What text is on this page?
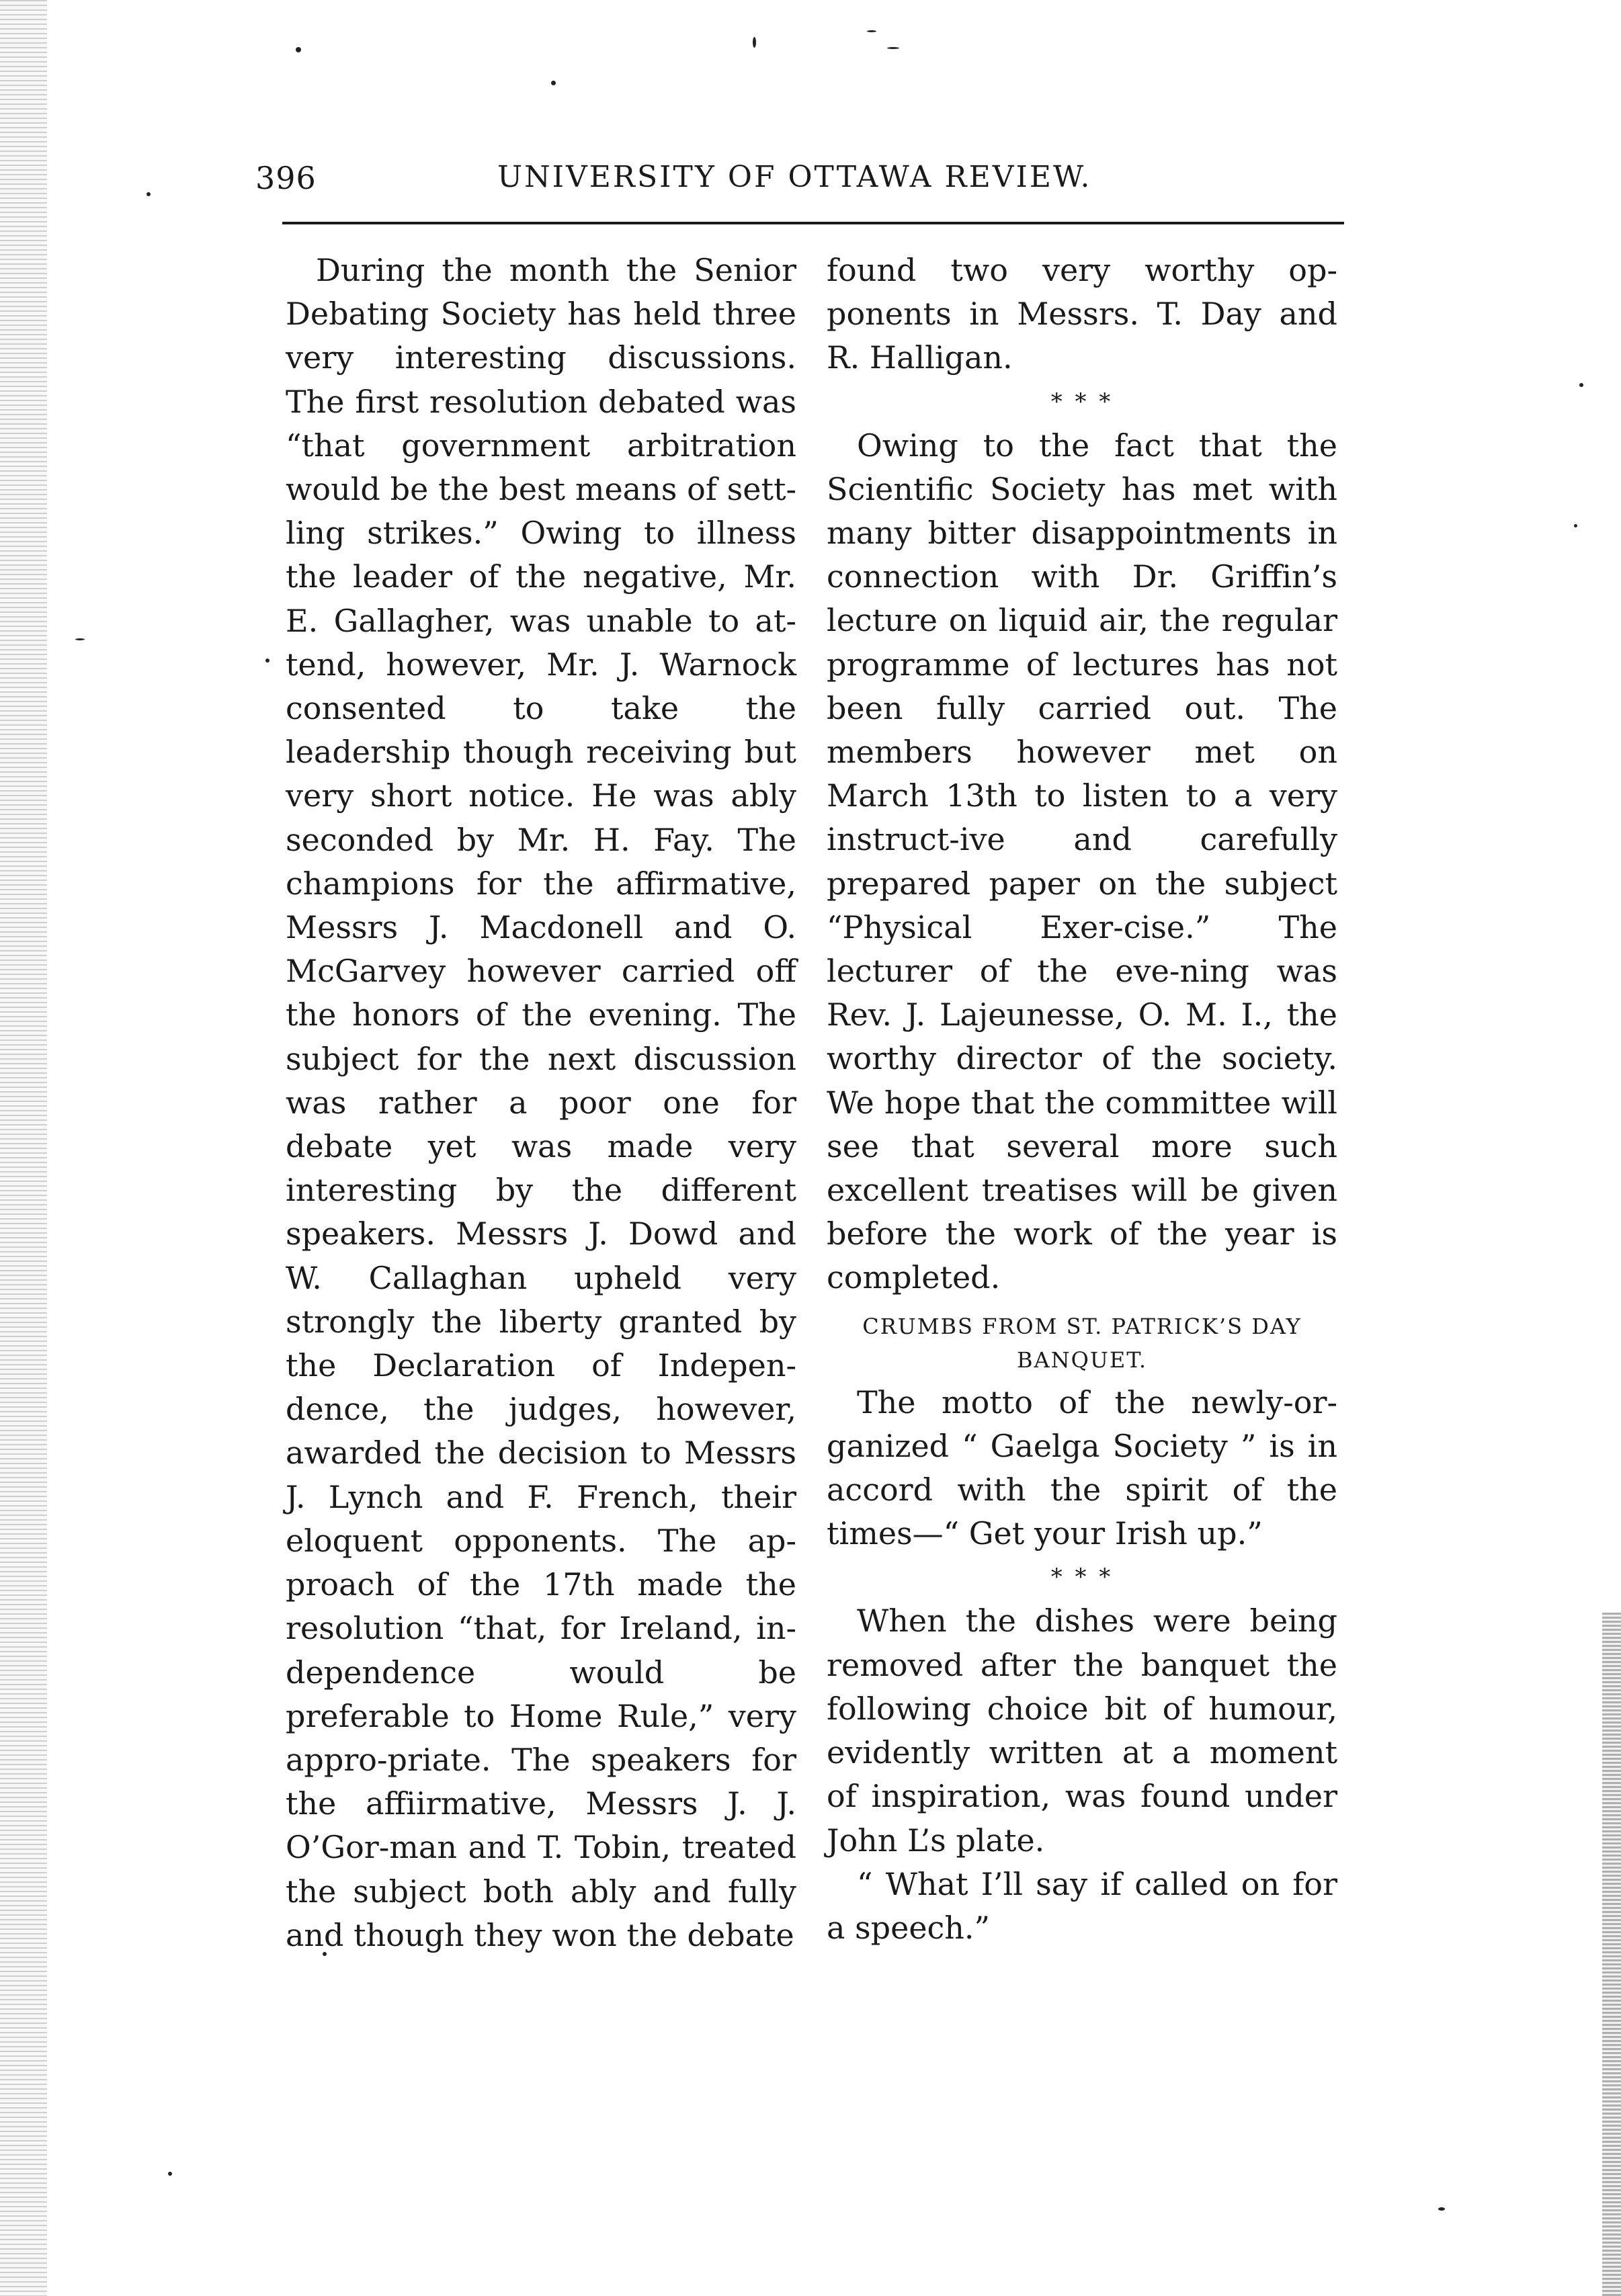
396	UNIVERSITY OF OTTAWA REVIEW.

During the month the Senior Debating Society has held three very interesting discussions. The first resolution debated was “that government arbitration would be the best means of sett-ling strikes.” Owing to illness the leader of the negative, Mr. E. Gallagher, was unable to at-tend, however, Mr. J. Warnock consented to take the leadership though receiving but very short notice. He was ably seconded by Mr. H. Fay. The champions for the affirmative, Messrs J. Macdonell and O. McGarvey however carried off the honors of the evening. The subject for the next discussion was rather a poor one for debate yet was made very interesting by the different speakers. Messrs J. Dowd and W. Callaghan upheld very strongly the liberty granted by the Declaration of Indepen-dence, the judges, however, awarded the decision to Messrs J. Lynch and F. French, their eloquent opponents. The ap-proach of the 17th made the resolution “that, for Ireland, in-dependence would be preferable to Home Rule,” very appro-priate. The speakers for the affiirmative, Messrs J. J. O’Gor-man and T. Tobin, treated the subject both ably and fully and though they won the debate

found two very worthy op-ponents in Messrs. T. Day and R. Halligan.

* * *

Owing to the fact that the Scientific Society has met with many bitter disappointments in connection with Dr. Griffin’s lecture on liquid air, the regular programme of lectures has not been fully carried out. The members however met on March 13th to listen to a very instruct-ive and carefully prepared paper on the subject “Physical Exer-cise.” The lecturer of the eve-ning was Rev. J. Lajeunesse, O. M. I., the worthy director of the society. We hope that the committee will see that several more such excellent treatises will be given before the work of the year is completed.

CRUMBS FROM ST. PATRICK’S DAY BANQUET.

The motto of the newly-or-ganized “ Gaelga Society ” is in accord with the spirit of the times—“ Get your Irish up.”

* * *

When the dishes were being removed after the banquet the following choice bit of humour, evidently written at a moment of inspiration, was found under John L’s plate.

“ What I’ll say if called on for a speech.”
